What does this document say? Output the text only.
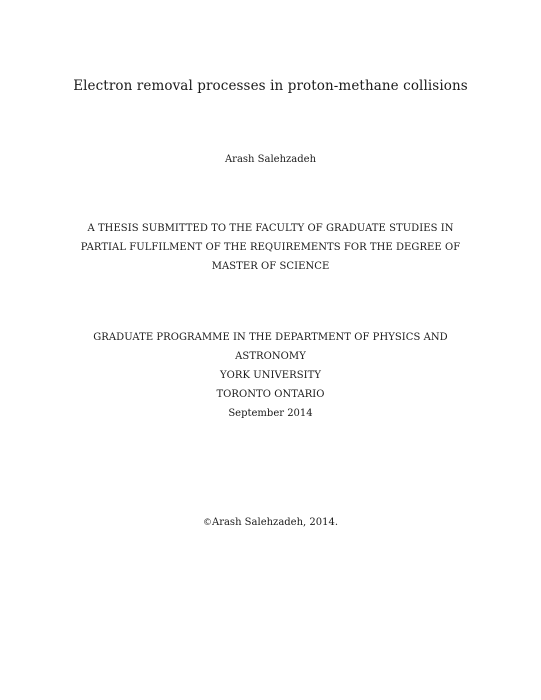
Electron removal processes in proton-methane collisions
Arash Salehzadeh
A THESIS SUBMITTED TO THE FACULTY OF GRADUATE STUDIES IN
PARTIAL FULFILMENT OF THE REQUIREMENTS FOR THE DEGREE OF
MASTER OF SCIENCE
GRADUATE PROGRAMME IN THE DEPARTMENT OF PHYSICS AND
ASTRONOMY
YORK UNIVERSITY
TORONTO ONTARIO
September 2014
©Arash Salehzadeh, 2014.
